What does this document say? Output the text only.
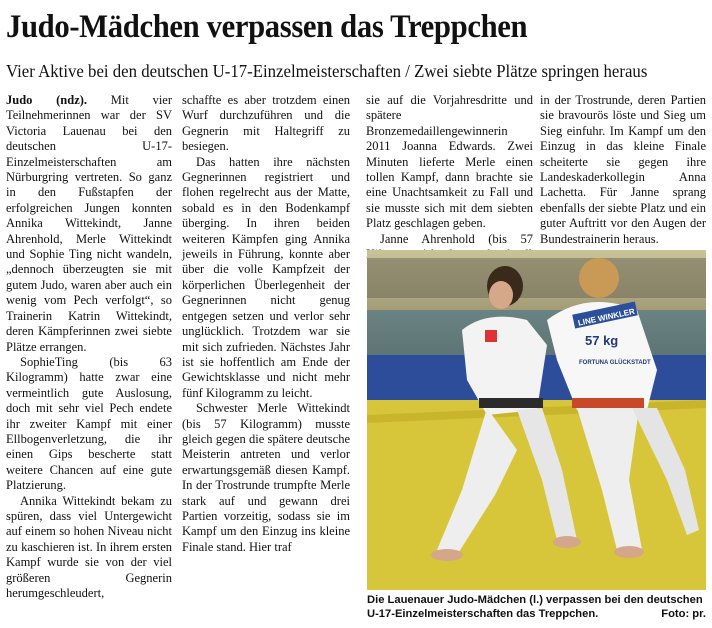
Judo-Mädchen verpassen das Treppchen
Vier Aktive bei den deutschen U-17-Einzelmeisterschaften / Zwei siebte Plätze springen heraus

Judo (ndz). Mit vier Teilnehmerinnen war der SV Victoria Lauenau bei den deutschen U-17-Einzelmeisterschaften am Nürburgring vertreten. So ganz in den Fußstapfen der erfolgreichen Jungen konnten Annika Wittekindt, Janne Ahrenhold, Merle Wittekindt und Sophie Ting nicht wandeln, „dennoch überzeugten sie mit gutem Judo, waren aber auch ein wenig vom Pech verfolgt“, so Trainerin Katrin Wittekindt, deren Kämpferinnen zwei siebte Plätze errangen.

SophieTing (bis 63 Kilogramm) hatte zwar eine vermeintlich gute Auslosung, doch mit sehr viel Pech endete ihr zweiter Kampf mit einer Ellbogenverletzung, die ihr einen Gips bescherte statt weitere Chancen auf eine gute Platzierung.

Annika Wittekindt bekam zu spüren, dass viel Untergewicht auf einem so hohen Niveau nicht zu kaschieren ist. In ihrem ersten Kampf wurde sie von der viel größeren Gegnerin herumgeschleudert,

schaffte es aber trotzdem einen Wurf durchzuführen und die Gegnerin mit Haltegriff zu besiegen.

Das hatten ihre nächsten Gegnerinnen registriert und flohen regelrecht aus der Matte, sobald es in den Bodenkampf überging. In ihren beiden weiteren Kämpfen ging Annika jeweils in Führung, konnte aber über die volle Kampfzeit der körperlichen Überlegenheit der Gegnerinnen nicht genug entgegen setzen und verlor sehr unglücklich. Trotzdem war sie mit sich zufrieden. Nächstes Jahr ist sie hoffentlich am Ende der Gewichtsklasse und nicht mehr fünf Kilogramm zu leicht.

Schwester Merle Wittekindt (bis 57 Kilogramm) musste gleich gegen die spätere deutsche Meisterin antreten und verlor erwartungsgemäß diesen Kampf. In der Trostrunde trumpfte Merle stark auf und gewann drei Partien vorzeitig, sodass sie im Kampf um den Einzug ins kleine Finale stand. Hier traf

sie auf die Vorjahresdritte und spätere Bronzemedaillengewinnerin 2011 Joanna Edwards. Zwei Minuten lieferte Merle einen tollen Kampf, dann brachte sie eine Unachtsamkeit zu Fall und sie musste sich mit dem siebten Platz geschlagen geben.

Janne Ahrenhold (bis 57

in der Trostrunde, deren Partien sie bravourös löste und Sieg um Sieg einfuhr. Im Kampf um den Einzug in das kleine Finale scheiterte sie gegen ihre Landeskaderkollegin Anna Lachetta. Für Janne sprang ebenfalls der siebte Platz und ein guter Auftritt vor den Augen der Bundestrainerin heraus.

LINE WINKLER
57 kg
FORTUNA GLÜCKSTADT
Die Lauenauer Judo-Mädchen (l.) verpassen bei den deutschen U-17-Einzelmeisterschaften das Treppchen.	Foto: pr.
